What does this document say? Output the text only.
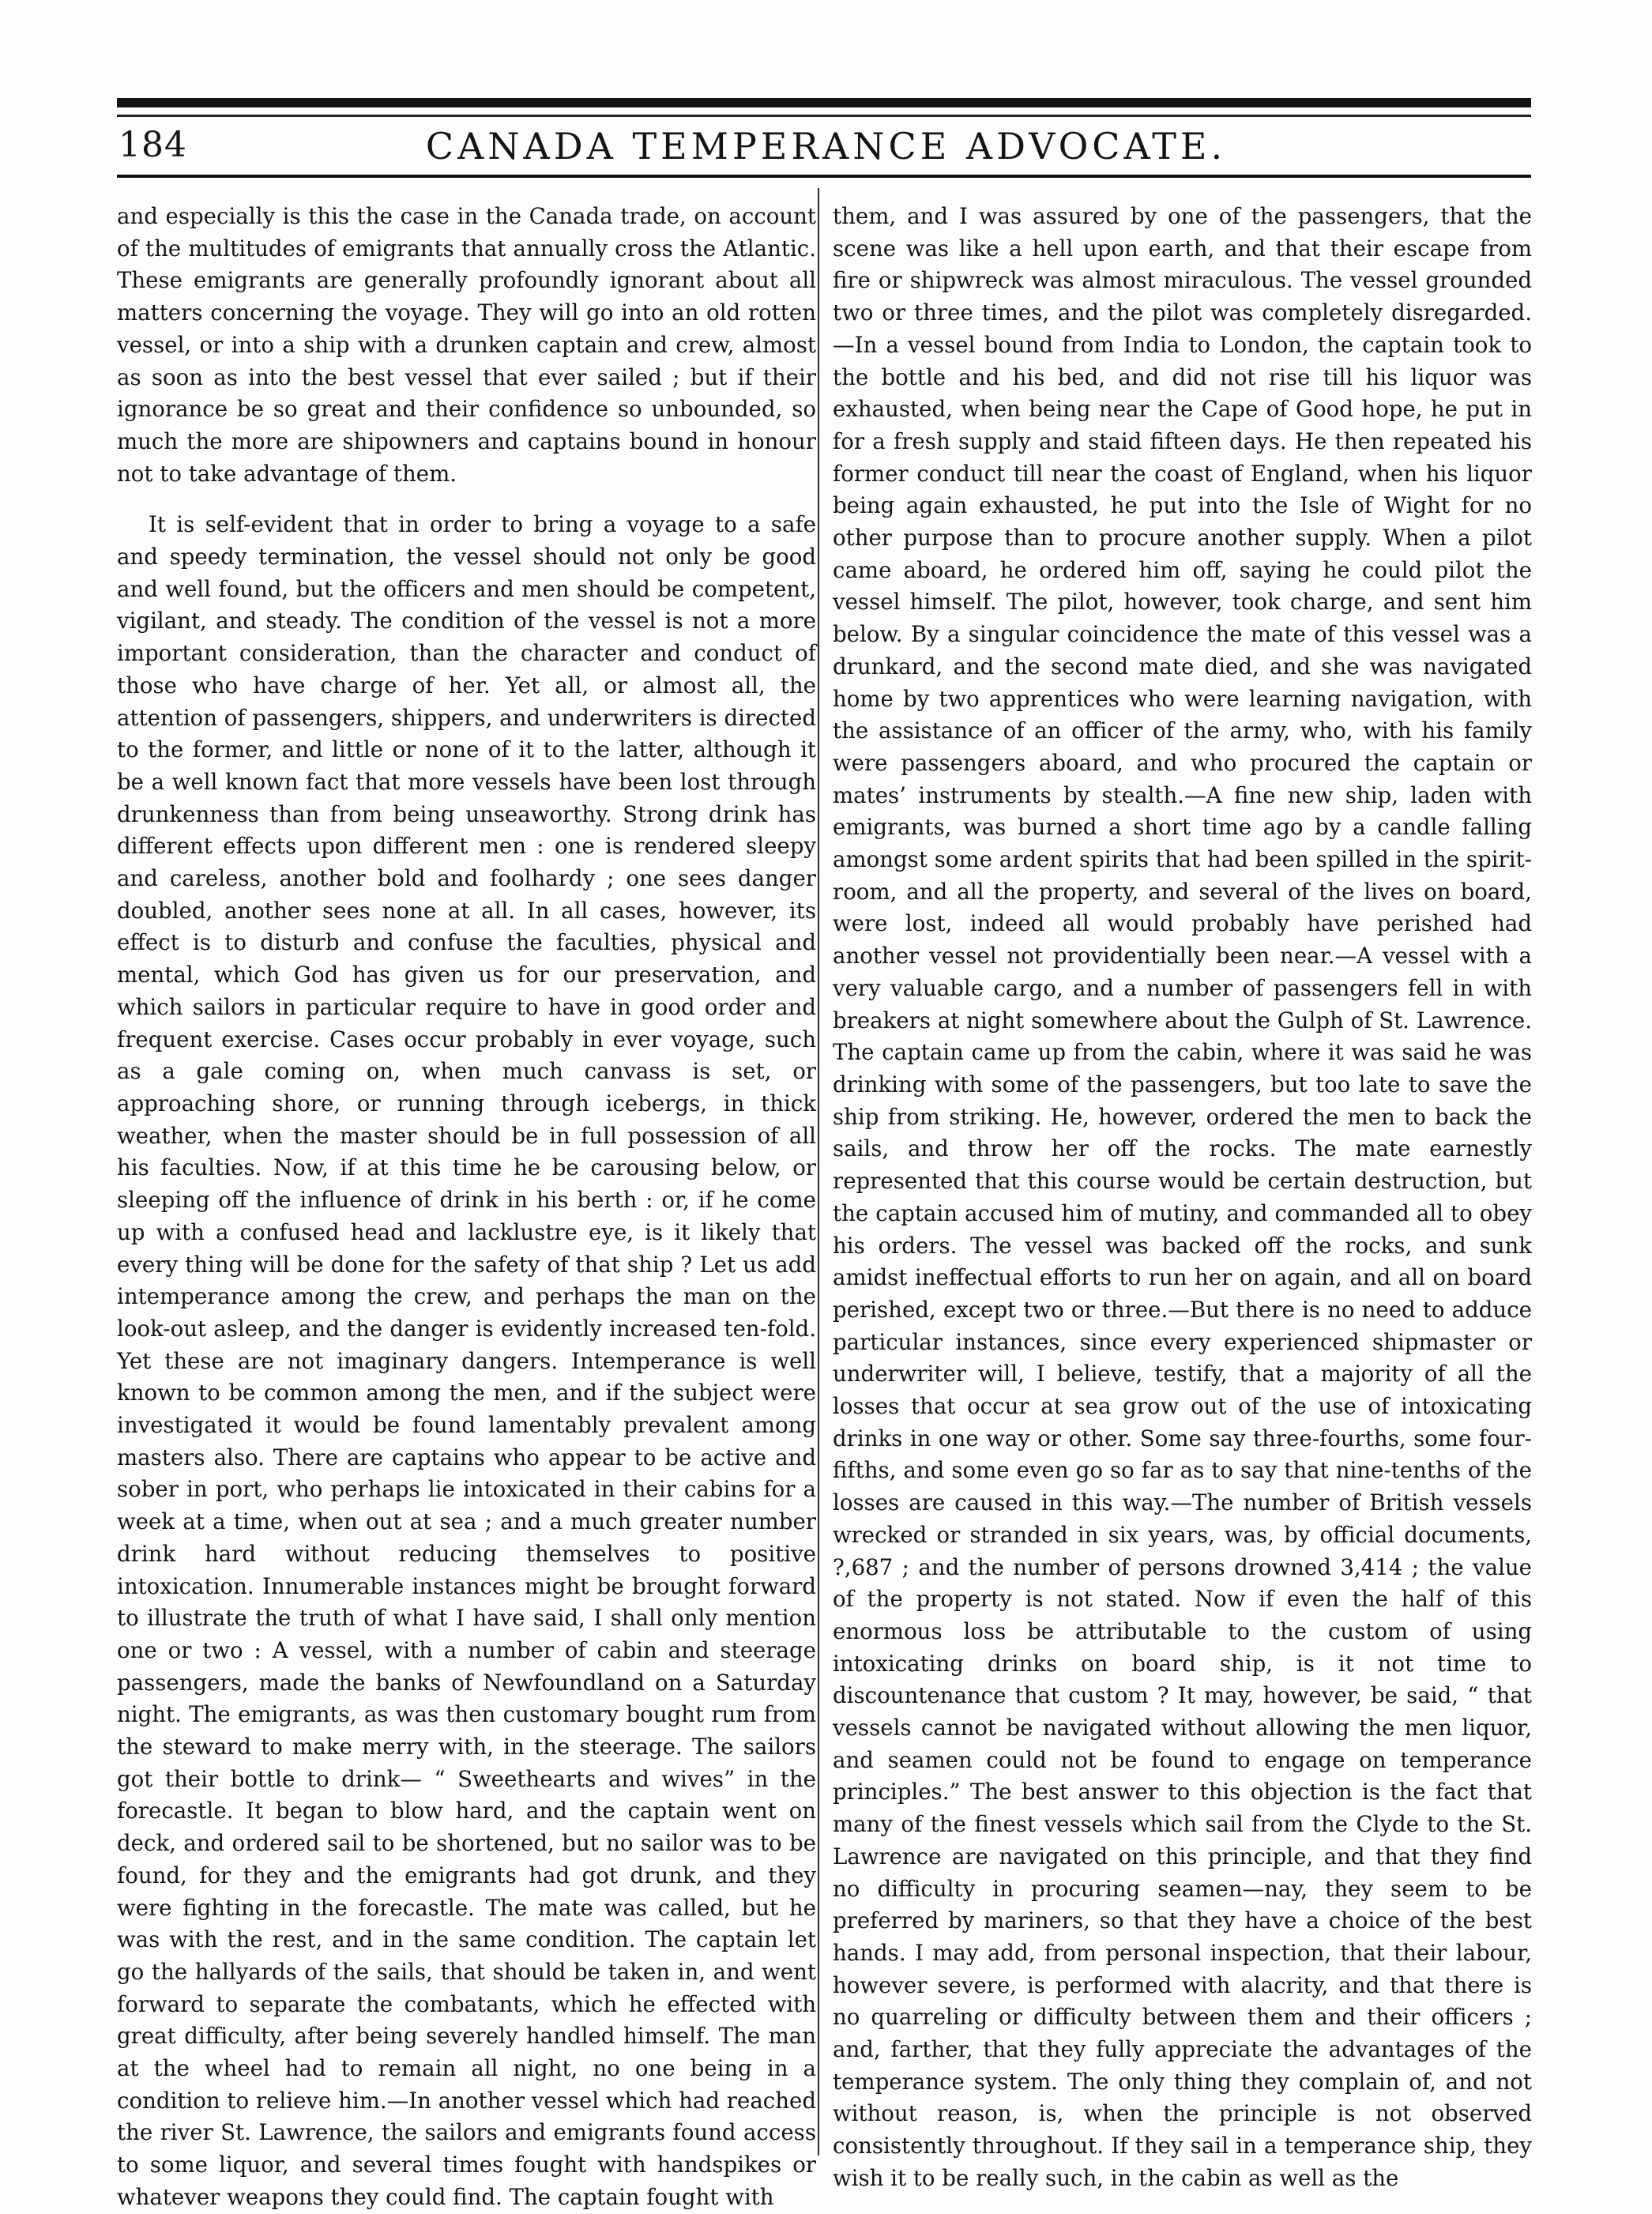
184	CANADA TEMPERANCE ADVOCATE.

and especially is this the case in the Canada trade, on account of the multitudes of emigrants that annually cross the Atlantic. These emigrants are generally profoundly ignorant about all matters concerning the voyage. They will go into an old rotten vessel, or into a ship with a drunken captain and crew, almost as soon as into the best vessel that ever sailed ; but if their ignorance be so great and their confidence so unbounded, so much the more are shipowners and captains bound in honour not to take advantage of them.

It is self-evident that in order to bring a voyage to a safe and speedy termination, the vessel should not only be good and well found, but the officers and men should be competent, vigilant, and steady. The condition of the vessel is not a more important consideration, than the character and conduct of those who have charge of her. Yet all, or almost all, the attention of passengers, shippers, and underwriters is directed to the former, and little or none of it to the latter, although it be a well known fact that more vessels have been lost through drunkenness than from being unseaworthy. Strong drink has different effects upon different men : one is rendered sleepy and careless, another bold and foolhardy ; one sees danger doubled, another sees none at all. In all cases, however, its effect is to disturb and confuse the faculties, physical and mental, which God has given us for our preservation, and which sailors in particular require to have in good order and frequent exercise. Cases occur probably in ever voyage, such as a gale coming on, when much canvass is set, or approaching shore, or running through icebergs, in thick weather, when the master should be in full possession of all his faculties. Now, if at this time he be carousing below, or sleeping off the influence of drink in his berth : or, if he come up with a confused head and lacklustre eye, is it likely that every thing will be done for the safety of that ship ? Let us add intemperance among the crew, and perhaps the man on the look-out asleep, and the danger is evidently increased ten-fold. Yet these are not imaginary dangers. Intemperance is well known to be common among the men, and if the subject were investigated it would be found lamentably prevalent among masters also. There are captains who appear to be active and sober in port, who perhaps lie intoxicated in their cabins for a week at a time, when out at sea ; and a much greater number drink hard without reducing themselves to positive intoxication. Innumerable instances might be brought forward to illustrate the truth of what I have said, I shall only mention one or two : A vessel, with a number of cabin and steerage passengers, made the banks of Newfoundland on a Saturday night. The emigrants, as was then customary bought rum from the steward to make merry with, in the steerage. The sailors got their bottle to drink— “ Sweethearts and wives” in the forecastle. It began to blow hard, and the captain went on deck, and ordered sail to be shortened, but no sailor was to be found, for they and the emigrants had got drunk, and they were fighting in the forecastle. The mate was called, but he was with the rest, and in the same condition. The captain let go the hallyards of the sails, that should be taken in, and went forward to separate the combatants, which he effected with great difficulty, after being severely handled himself. The man at the wheel had to remain all night, no one being in a condition to relieve him.—In another vessel which had reached the river St. Lawrence, the sailors and emigrants found access to some liquor, and several times fought with handspikes or whatever weapons they could find. The captain fought with

them, and I was assured by one of the passengers, that the scene was like a hell upon earth, and that their escape from fire or shipwreck was almost miraculous. The vessel grounded two or three times, and the pilot was completely disregarded.—In a vessel bound from India to London, the captain took to the bottle and his bed, and did not rise till his liquor was exhausted, when being near the Cape of Good hope, he put in for a fresh supply and staid fifteen days. He then repeated his former conduct till near the coast of England, when his liquor being again exhausted, he put into the Isle of Wight for no other purpose than to procure another supply. When a pilot came aboard, he ordered him off, saying he could pilot the vessel himself. The pilot, however, took charge, and sent him below. By a singular coincidence the mate of this vessel was a drunkard, and the second mate died, and she was navigated home by two apprentices who were learning navigation, with the assistance of an officer of the army, who, with his family were passengers aboard, and who procured the captain or mates’ instruments by stealth.—A fine new ship, laden with emigrants, was burned a short time ago by a candle falling amongst some ardent spirits that had been spilled in the spirit-room, and all the property, and several of the lives on board, were lost, indeed all would probably have perished had another vessel not providentially been near.—A vessel with a very valuable cargo, and a number of passengers fell in with breakers at night somewhere about the Gulph of St. Lawrence. The captain came up from the cabin, where it was said he was drinking with some of the passengers, but too late to save the ship from striking. He, however, ordered the men to back the sails, and throw her off the rocks. The mate earnestly represented that this course would be certain destruction, but the captain accused him of mutiny, and commanded all to obey his orders. The vessel was backed off the rocks, and sunk amidst ineffectual efforts to run her on again, and all on board perished, except two or three.—But there is no need to adduce particular instances, since every experienced shipmaster or underwriter will, I believe, testify, that a majority of all the losses that occur at sea grow out of the use of intoxicating drinks in one way or other. Some say three-fourths, some four-fifths, and some even go so far as to say that nine-tenths of the losses are caused in this way.—The number of British vessels wrecked or stranded in six years, was, by official documents, ?,687 ; and the number of persons drowned 3,414 ; the value of the property is not stated. Now if even the half of this enormous loss be attributable to the custom of using intoxicating drinks on board ship, is it not time to discountenance that custom ? It may, however, be said, “ that vessels cannot be navigated without allowing the men liquor, and seamen could not be found to engage on temperance principles.” The best answer to this objection is the fact that many of the finest vessels which sail from the Clyde to the St. Lawrence are navigated on this principle, and that they find no difficulty in procuring seamen—nay, they seem to be preferred by mariners, so that they have a choice of the best hands. I may add, from personal inspection, that their labour, however severe, is performed with alacrity, and that there is no quarreling or difficulty between them and their officers ; and, farther, that they fully appreciate the advantages of the temperance system. The only thing they complain of, and not without reason, is, when the principle is not observed consistently throughout. If they sail in a temperance ship, they wish it to be really such, in the cabin as well as the
